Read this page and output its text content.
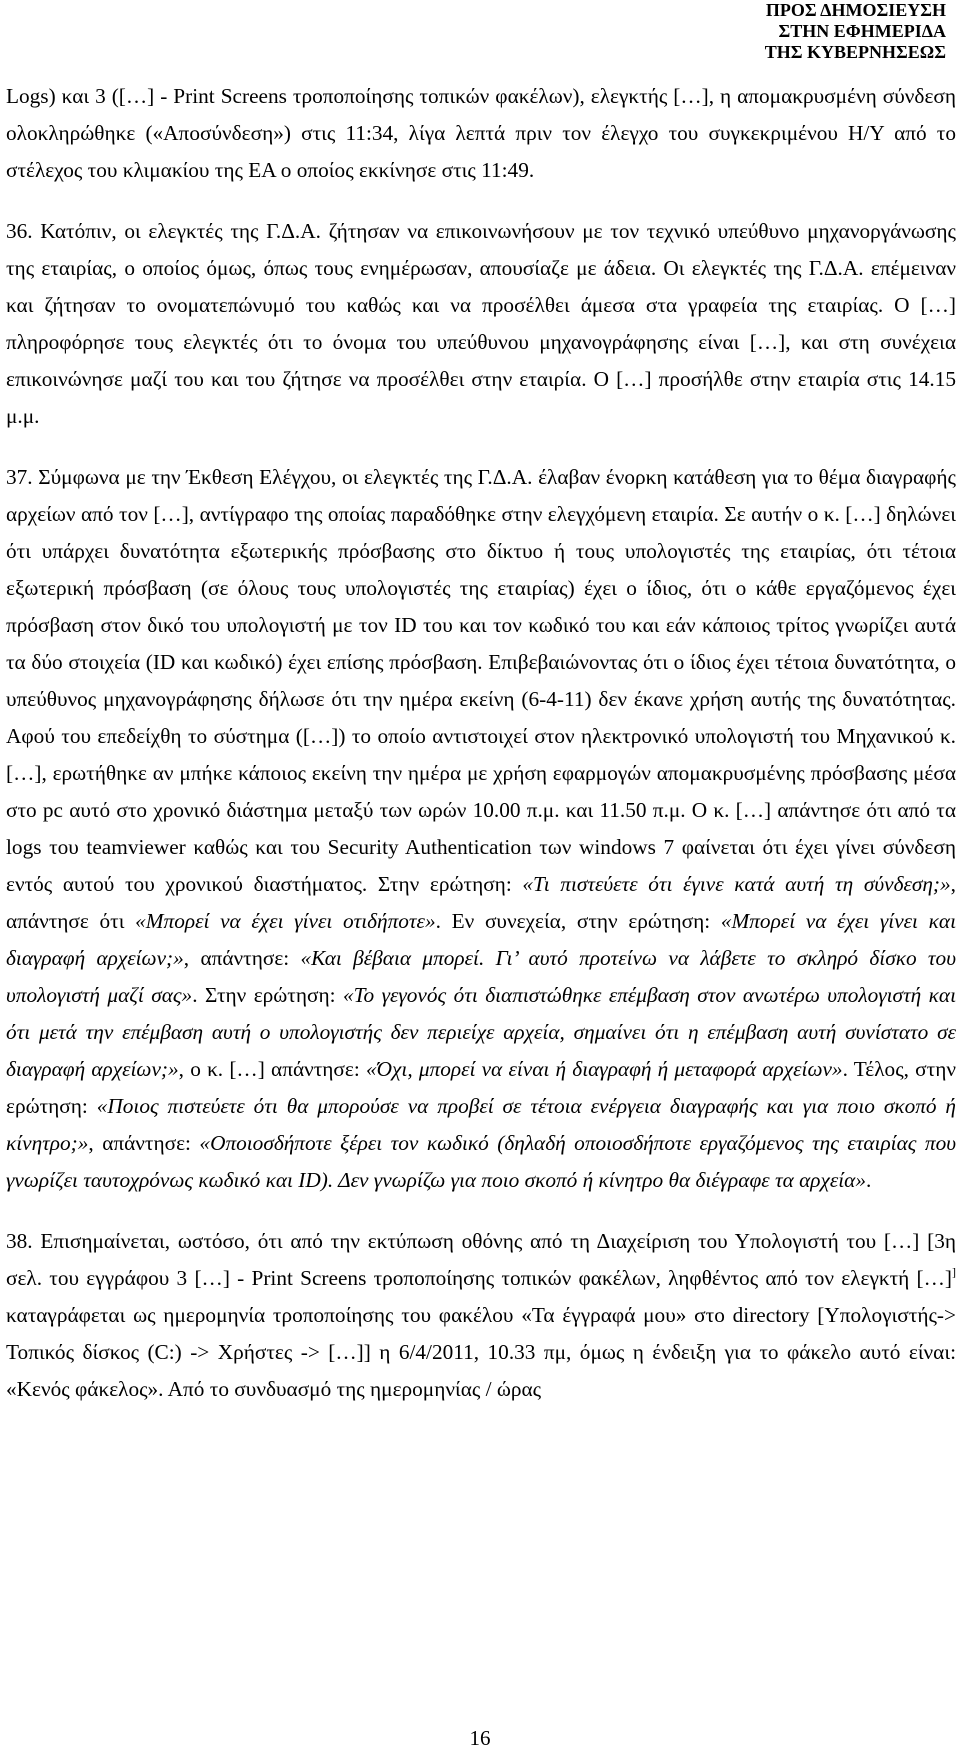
ΠΡΟΣ ΔΗΜΟΣΙΕΥΣΗ
ΣΤΗΝ ΕΦΗΜΕΡΙΔΑ
ΤΗΣ ΚΥΒΕΡΝΗΣΕΩΣ

Logs) και 3 ([…] - Print Screens τροποποίησης τοπικών φακέλων), ελεγκτής […], η απομακρυσμένη σύνδεση ολοκληρώθηκε («Αποσύνδεση») στις 11:34, λίγα λεπτά πριν τον έλεγχο του συγκεκριμένου Η/Υ από το στέλεχος του κλιμακίου της ΕΑ ο οποίος εκκίνησε στις 11:49.

36. Κατόπιν, οι ελεγκτές της Γ.Δ.Α. ζήτησαν να επικοινωνήσουν με τον τεχνικό υπεύθυνο μηχανοργάνωσης της εταιρίας, ο οποίος όμως, όπως τους ενημέρωσαν, απουσίαζε με άδεια. Οι ελεγκτές της Γ.Δ.Α. επέμειναν και ζήτησαν το ονοματεπώνυμό του καθώς και να προσέλθει άμεσα στα γραφεία της εταιρίας. Ο […] πληροφόρησε τους ελεγκτές ότι το όνομα του υπεύθυνου μηχανογράφησης είναι […], και στη συνέχεια επικοινώνησε μαζί του και του ζήτησε να προσέλθει στην εταιρία. Ο […] προσήλθε στην εταιρία στις 14.15 μ.μ.

37. Σύμφωνα με την Έκθεση Ελέγχου, οι ελεγκτές της Γ.Δ.Α. έλαβαν ένορκη κατάθεση για το θέμα διαγραφής αρχείων από τον […], αντίγραφο της οποίας παραδόθηκε στην ελεγχόμενη εταιρία. Σε αυτήν ο κ. […] δηλώνει ότι υπάρχει δυνατότητα εξωτερικής πρόσβασης στο δίκτυο ή τους υπολογιστές της εταιρίας, ότι τέτοια εξωτερική πρόσβαση (σε όλους τους υπολογιστές της εταιρίας) έχει ο ίδιος, ότι ο κάθε εργαζόμενος έχει πρόσβαση στον δικό του υπολογιστή με τον ID του και τον κωδικό του και εάν κάποιος τρίτος γνωρίζει αυτά τα δύο στοιχεία (ID και κωδικό) έχει επίσης πρόσβαση. Επιβεβαιώνοντας ότι ο ίδιος έχει τέτοια δυνατότητα, ο υπεύθυνος μηχανογράφησης δήλωσε ότι την ημέρα εκείνη (6-4-11) δεν έκανε χρήση αυτής της δυνατότητας. Αφού του επεδείχθη το σύστημα ([…]) το οποίο αντιστοιχεί στον ηλεκτρονικό υπολογιστή του Μηχανικού κ. […], ερωτήθηκε αν μπήκε κάποιος εκείνη την ημέρα με χρήση εφαρμογών απομακρυσμένης πρόσβασης μέσα στο pc αυτό στο χρονικό διάστημα μεταξύ των ωρών 10.00 π.μ. και 11.50 π.μ. Ο κ. […] απάντησε ότι από τα logs του teamviewer καθώς και του Security Authentication των windows 7 φαίνεται ότι έχει γίνει σύνδεση εντός αυτού του χρονικού διαστήματος. Στην ερώτηση: «Τι πιστεύετε ότι έγινε κατά αυτή τη σύνδεση;», απάντησε ότι «Μπορεί να έχει γίνει οτιδήποτε». Εν συνεχεία, στην ερώτηση: «Μπορεί να έχει γίνει και διαγραφή αρχείων;», απάντησε: «Και βέβαια μπορεί. Γι’ αυτό προτείνω να λάβετε το σκληρό δίσκο του υπολογιστή μαζί σας». Στην ερώτηση: «Το γεγονός ότι διαπιστώθηκε επέμβαση στον ανωτέρω υπολογιστή και ότι μετά την επέμβαση αυτή ο υπολογιστής δεν περιείχε αρχεία, σημαίνει ότι η επέμβαση αυτή συνίστατο σε διαγραφή αρχείων;», ο κ. […] απάντησε: «Όχι, μπορεί να είναι ή διαγραφή ή μεταφορά αρχείων». Τέλος, στην ερώτηση: «Ποιος πιστεύετε ότι θα μπορούσε να προβεί σε τέτοια ενέργεια διαγραφής και για ποιο σκοπό ή κίνητρο;», απάντησε: «Οποιοσδήποτε ξέρει τον κωδικό (δηλαδή οποιοσδήποτε εργαζόμενος της εταιρίας που γνωρίζει ταυτοχρόνως κωδικό και ID). Δεν γνωρίζω για ποιο σκοπό ή κίνητρο θα διέγραφε τα αρχεία».

38. Επισημαίνεται, ωστόσο, ότι από την εκτύπωση οθόνης από τη Διαχείριση του Υπολογιστή του […] [3η σελ. του εγγράφου 3 […] - Print Screens τροποποίησης τοπικών φακέλων, ληφθέντος από τον ελεγκτή […]] καταγράφεται ως ημερομηνία τροποποίησης του φακέλου «Τα έγγραφά μου» στο directory [Υπολογιστής-> Τοπικός δίσκος (C:) -> Χρήστες -> […]] η 6/4/2011, 10.33 πμ, όμως η ένδειξη για το φάκελο αυτό είναι: «Κενός φάκελος». Από το συνδυασμό της ημερομηνίας / ώρας

16
